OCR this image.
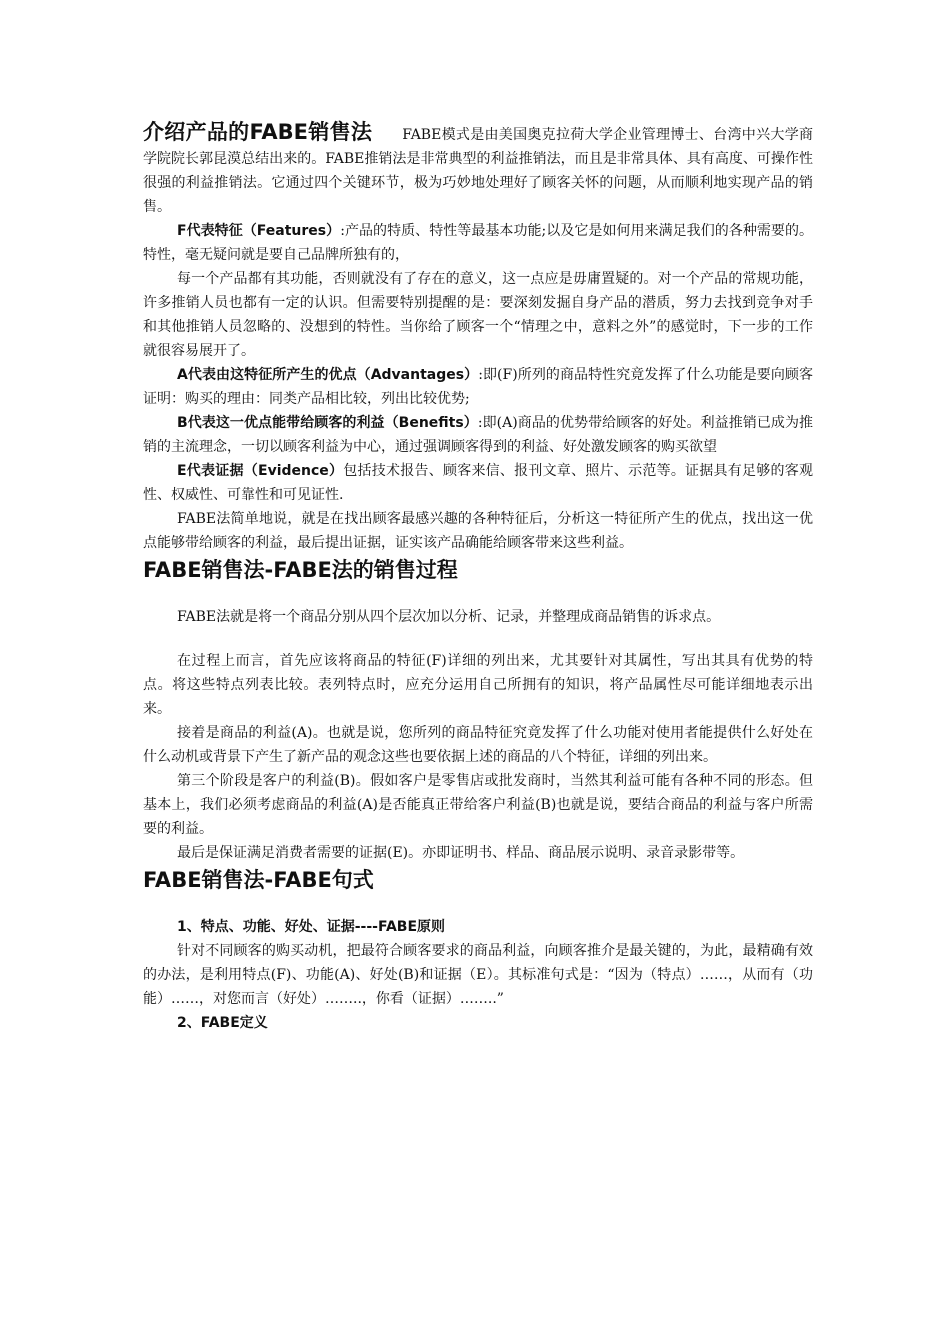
介绍产品的FABE销售法 FABE模式是由美国奥克拉荷大学企业管理博士、台湾中兴大学商学院院长郭昆漠总结出来的。FABE推销法是非常典型的利益推销法，而且是非常具体、具有高度、可操作性很强的利益推销法。它通过四个关键环节，极为巧妙地处理好了顾客关怀的问题，从而顺利地实现产品的销售。

F代表特征（Features）:产品的特质、特性等最基本功能;以及它是如何用来满足我们的各种需要的。特性，毫无疑问就是要自己品牌所独有的，

每一个产品都有其功能，否则就没有了存在的意义，这一点应是毋庸置疑的。对一个产品的常规功能，许多推销人员也都有一定的认识。但需要特别提醒的是：要深刻发掘自身产品的潜质，努力去找到竞争对手和其他推销人员忽略的、没想到的特性。当你给了顾客一个“情理之中，意料之外”的感觉时，下一步的工作就很容易展开了。

A代表由这特征所产生的优点（Advantages）:即(F)所列的商品特性究竟发挥了什么功能是要向顾客证明：购买的理由：同类产品相比较，列出比较优势;

B代表这一优点能带给顾客的利益（Benefits）:即(A)商品的优势带给顾客的好处。利益推销已成为推销的主流理念，一切以顾客利益为中心，通过强调顾客得到的利益、好处激发顾客的购买欲望

E代表证据（Evidence）包括技术报告、顾客来信、报刊文章、照片、示范等。证据具有足够的客观性、权威性、可靠性和可见证性.

FABE法简单地说，就是在找出顾客最感兴趣的各种特征后，分析这一特征所产生的优点，找出这一优点能够带给顾客的利益，最后提出证据，证实该产品确能给顾客带来这些利益。

FABE销售法-FABE法的销售过程

FABE法就是将一个商品分别从四个层次加以分析、记录，并整理成商品销售的诉求点。

在过程上而言，首先应该将商品的特征(F)详细的列出来，尤其要针对其属性，写出其具有优势的特点。将这些特点列表比较。表列特点时，应充分运用自己所拥有的知识，将产品属性尽可能详细地表示出来。

接着是商品的利益(A)。也就是说，您所列的商品特征究竟发挥了什么功能对使用者能提供什么好处在什么动机或背景下产生了新产品的观念这些也要依据上述的商品的八个特征，详细的列出来。

第三个阶段是客户的利益(B)。假如客户是零售店或批发商时，当然其利益可能有各种不同的形态。但基本上，我们必须考虑商品的利益(A)是否能真正带给客户利益(B)也就是说，要结合商品的利益与客户所需要的利益。

最后是保证满足消费者需要的证据(E)。亦即证明书、样品、商品展示说明、录音录影带等。

FABE销售法-FABE句式

1、特点、功能、好处、证据----FABE原则

针对不同顾客的购买动机，把最符合顾客要求的商品利益，向顾客推介是最关键的，为此，最精确有效的办法，是利用特点(F)、功能(A)、好处(B)和证据（E）。其标准句式是：“因为（特点）……，从而有（功能）……，对您而言（好处）……..，你看（证据）……..”

2、FABE定义
